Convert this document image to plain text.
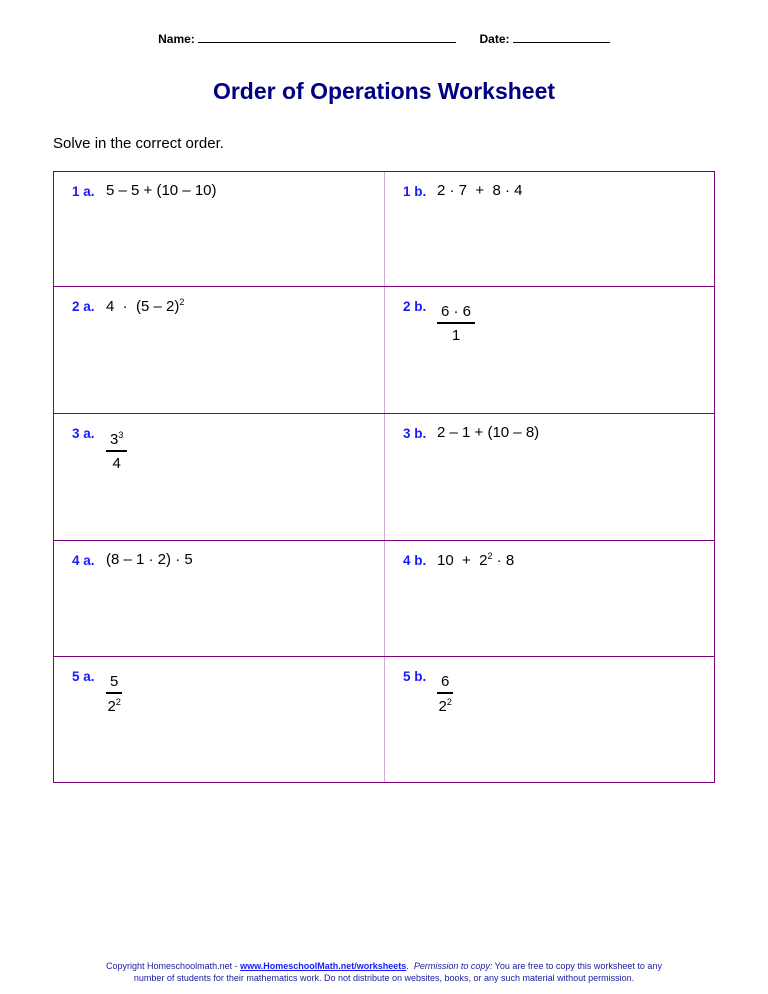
Name:	Date:
Order of Operations Worksheet
Solve in the correct order.
1 a. 5 – 5 + (10 – 10)	1 b. 2 · 7  +  8 · 4
2 a. 4  ·  (5 – 2)$^2$	2 b. $\frac{6 \cdot 6}{1}$
3 a. $\frac{3^3}{4}$	3 b. 2 – 1 + (10 – 8)
4 a. (8 – 1 · 2) · 5	4 b. $10 + 2^2 \cdot 8$
5 a. $\frac{5}{2^2}$	5 b. $\frac{6}{2^2}$
Copyright Homeschoolmath.net - www.HomeschoolMath.net/worksheets.  Permission to copy: You are free to copy this worksheet to any
number of students for their mathematics work. Do not distribute on websites, books, or any such material without permission.
